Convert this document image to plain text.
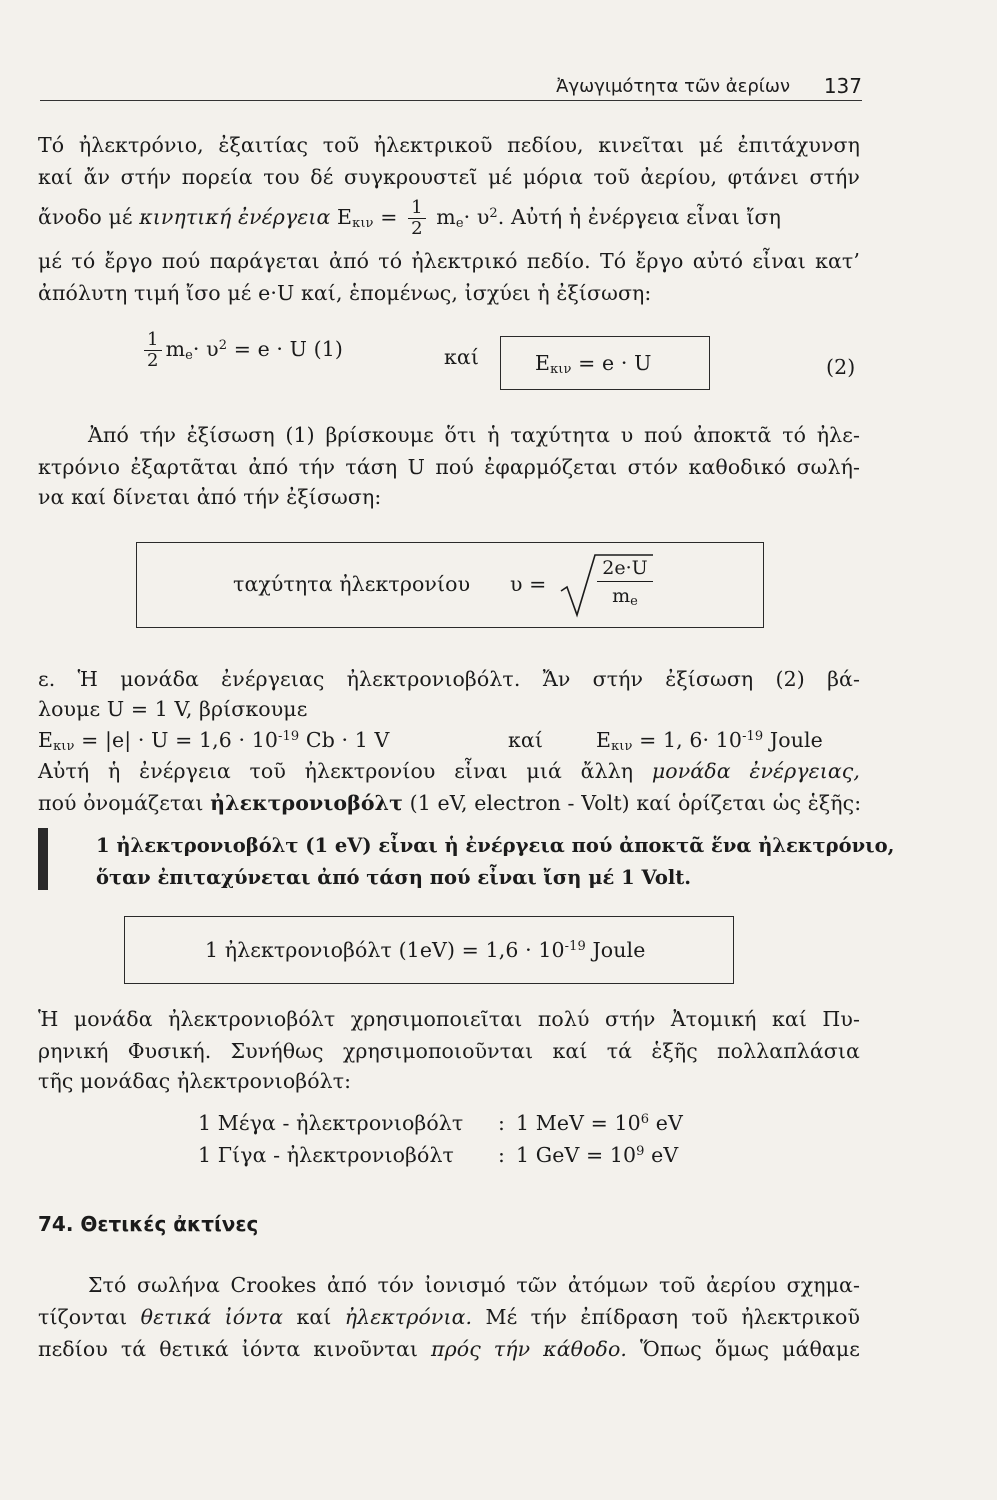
Ἀγωγιμότητα τῶν ἀερίων 137
Τό ἠλεκτρόνιο, ἐξαιτίας τοῦ ἠλεκτρικοῦ πεδίου, κινεῖται μέ ἐπιτάχυνση
καί ἄν στήν πορεία του δέ συγκρουστεῖ μέ μόρια τοῦ ἀερίου, φτάνει στήν
ἄνοδο μέ κινητική ἐνέργεια $E_{\kappa\iota\nu} = \frac{1}{2} m_e\cdot \upsilon^2$. Αὐτή ἡ ἐνέργεια εἶναι ἴση
μέ τό ἔργο πού παράγεται ἀπό τό ἠλεκτρικό πεδίο. Τό ἔργο αὐτό εἶναι κατ’
ἀπόλυτη τιμή ἴσο μέ e·U καί, ἑπομένως, ἰσχύει ἡ ἐξίσωση:
$\frac{1}{2} m_e\cdot \upsilon^2 = e \cdot U$ (1)	καί	$E_{\kappa\iota\nu} = e \cdot U$	(2)
Ἀπό τήν ἐξίσωση (1) βρίσκουμε ὅτι ἡ ταχύτητα υ πού ἀποκτᾶ τό ἠλε-
κτρόνιο ἐξαρτᾶται ἀπό τήν τάση U πού ἐφαρμόζεται στόν καθοδικό σωλή-
να καί δίνεται ἀπό τήν ἐξίσωση:
ταχύτητα ἠλεκτρονίου υ =
2e·U
$m_e$
ε. Ἡ μονάδα ἐνέργειας ἠλεκτρονιοβόλτ. Ἄν στήν ἐξίσωση (2) βά-
λουμε U = 1 V, βρίσκουμε
$E_{\kappa\iota\nu} = |e| \cdot U = 1,6 \cdot 10^{-19}$ Cb · 1 V	καί	$E_{\kappa\iota\nu} = 1$, $6\cdot 10^{-19}$ Joule
Αὐτή ἡ ἐνέργεια τοῦ ἠλεκτρονίου εἶναι μιά ἄλλη μονάδα ἐνέργειας,
πού ὀνομάζεται ἠλεκτρονιοβόλτ (1 eV, electron - Volt) καί ὁρίζεται ὡς ἑξῆς:
1 ἠλεκτρονιοβόλτ (1 eV) εἶναι ἡ ἐνέργεια πού ἀποκτᾶ ἕνα ἠλεκτρόνιο,
ὅταν ἐπιταχύνεται ἀπό τάση πού εἶναι ἴση μέ 1 Volt.
1 ἠλεκτρονιοβόλτ $(1eV) = 1,6 \cdot 10^{-19}$ Joule
Ἡ μονάδα ἠλεκτρονιοβόλτ χρησιμοποιεῖται πολύ στήν Ἀτομική καί Πυ-
ρηνική Φυσική. Συνήθως χρησιμοποιοῦνται καί τά ἑξῆς πολλαπλάσια
τῆς μονάδας ἠλεκτρονιοβόλτ:
1 Μέγα - ἠλεκτρονιοβόλτ : 1 MeV = $10^6$ eV
1 Γίγα - ἠλεκτρονιοβόλτ : 1 GeV = $10^9$ eV
74. Θετικές ἀκτίνες
Στό σωλήνα Crookes ἀπό τόν ἰονισμό τῶν ἀτόμων τοῦ ἀερίου σχημα-
τίζονται θετικά ἰόντα καί ἠλεκτρόνια. Μέ τήν ἐπίδραση τοῦ ἠλεκτρικοῦ
πεδίου τά θετικά ἰόντα κινοῦνται πρός τήν κάθοδο. Ὅπως ὅμως μάθαμε
